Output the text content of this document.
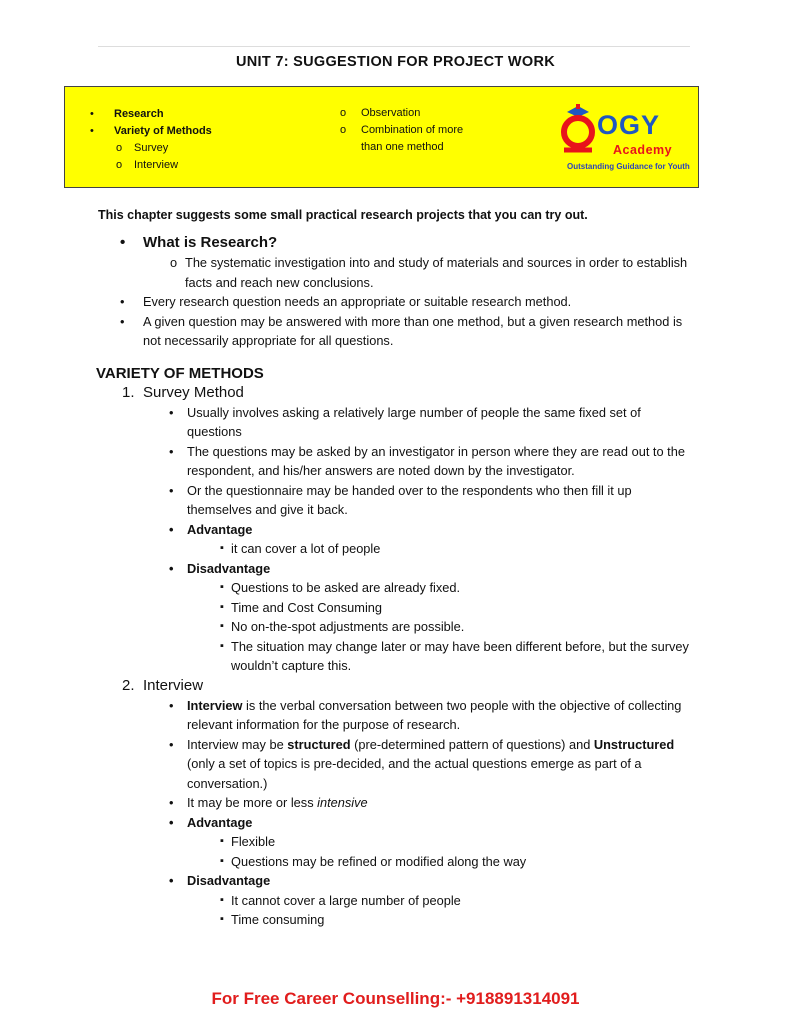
UNIT 7: SUGGESTION FOR PROJECT WORK
• Research
• Variety of Methods
o Survey
o Interview
o Observation
o Combination of more than one method
OGY
Academy
Outstanding Guidance for Youth
This chapter suggests some small practical research projects that you can try out.
• What is Research?
o The systematic investigation into and study of materials and sources in order to establish facts and reach new conclusions.
• Every research question needs an appropriate or suitable research method.
• A given question may be answered with more than one method, but a given research method is not necessarily appropriate for all questions.
VARIETY OF METHODS
1. Survey Method
• Usually involves asking a relatively large number of people the same fixed set of questions
• The questions may be asked by an investigator in person where they are read out to the respondent, and his/her answers are noted down by the investigator.
• Or the questionnaire may be handed over to the respondents who then fill it up themselves and give it back.
• Advantage
▪ it can cover a lot of people
• Disadvantage
▪ Questions to be asked are already fixed.
▪ Time and Cost Consuming
▪ No on-the-spot adjustments are possible.
▪ The situation may change later or may have been different before, but the survey wouldn’t capture this.
2. Interview
• Interview is the verbal conversation between two people with the objective of collecting relevant information for the purpose of research.
• Interview may be structured (pre-determined pattern of questions) and Unstructured (only a set of topics is pre-decided, and the actual questions emerge as part of a conversation.)
• It may be more or less intensive
• Advantage
▪ Flexible
▪ Questions may be refined or modified along the way
• Disadvantage
▪ It cannot cover a large number of people
▪ Time consuming
For Free Career Counselling:- +918891314091
